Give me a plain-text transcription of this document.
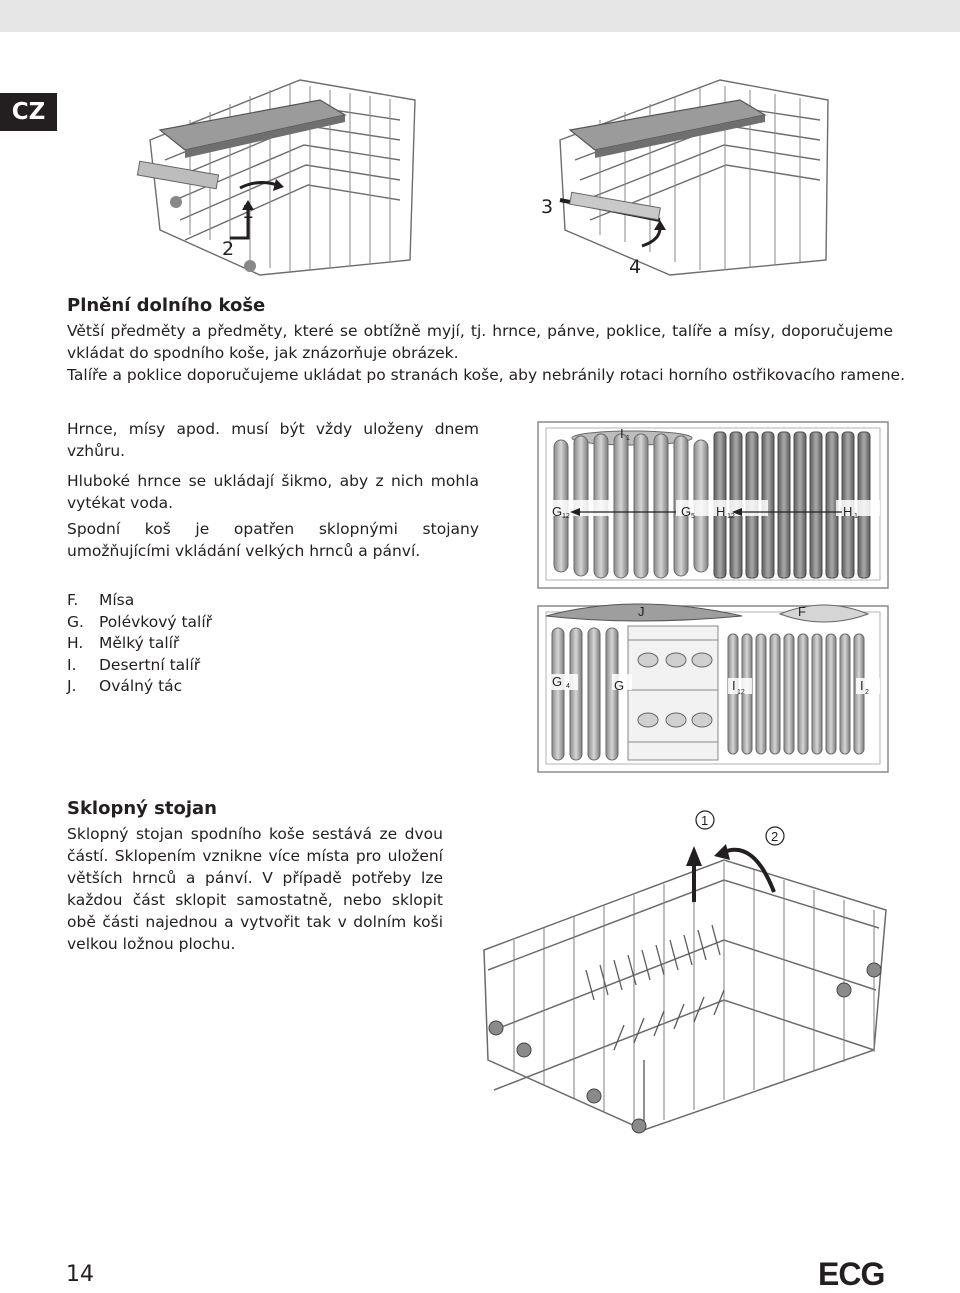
CZ
1
2
3
4
Plnění dolního koše

Větší předměty a předměty, které se obtížně myjí, tj. hrnce, pánve, poklice, talíře a mísy, doporučujeme vkládat do spodního koše, jak znázorňuje obrázek.

Talíře a poklice doporučujeme ukládat po stranách koše, aby nebránily rotaci horního ostřikovacího ramene.

Hrnce, mísy apod. musí být vždy uloženy dnem vzhůru.

Hluboké hrnce se ukládají šikmo, aby z nich mohla vytékat voda.

Spodní koš je opatřen sklopnými stojany umožňujícími vkládání velkých hrnců a pánví.

F.	Mísa
G. Polévkový talíř
H.	Mělký talíř
I.	Desertní talíř
J.	Oválný tác
I 1
G 12	G 5 H 12	H 1
J	F
G 4	G	I 12	I 2
Sklopný stojan

Sklopný stojan spodního koše sestává ze dvou částí. Sklopením vznikne více místa pro uložení větších hrnců a pánví. V případě potřeby lze každou část sklopit samostatně, nebo sklopit obě části najednou a vytvořit tak v dolním koši velkou ložnou plochu.

1
2
14	ECG
